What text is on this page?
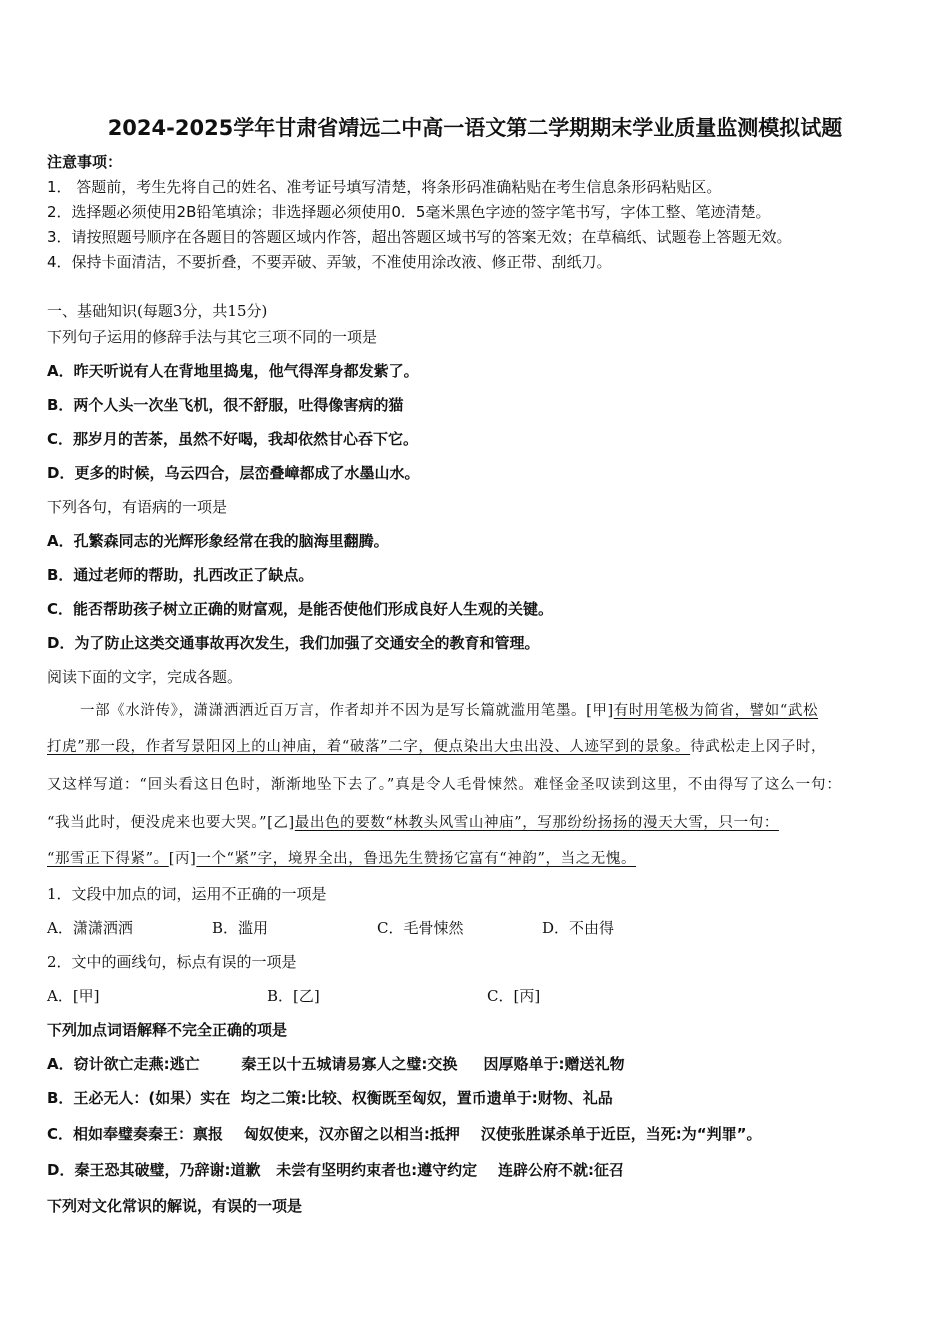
2024-2025学年甘肃省靖远二中高一语文第二学期期末学业质量监测模拟试题
注意事项：
1． 答题前，考生先将自己的姓名、准考证号填写清楚，将条形码准确粘贴在考生信息条形码粘贴区。
2．选择题必须使用2B铅笔填涂；非选择题必须使用0．5毫米黑色字迹的签字笔书写，字体工整、笔迹清楚。
3．请按照题号顺序在各题目的答题区域内作答，超出答题区域书写的答案无效；在草稿纸、试题卷上答题无效。
4．保持卡面清洁，不要折叠，不要弄破、弄皱，不准使用涂改液、修正带、刮纸刀。
一、基础知识(每题3分，共15分)
下列句子运用的修辞手法与其它三项不同的一项是
A．昨天听说有人在背地里捣鬼，他气得浑身都发紫了。
B．两个人头一次坐飞机，很不舒服，吐得像害病的猫
C．那岁月的苦茶，虽然不好喝，我却依然甘心吞下它。
D．更多的时候，乌云四合，层峦叠嶂都成了水墨山水。
下列各句，有语病的一项是
A．孔繁森同志的光辉形象经常在我的脑海里翻腾。
B．通过老师的帮助，扎西改正了缺点。
C．能否帮助孩子树立正确的财富观，是能否使他们形成良好人生观的关键。
D．为了防止这类交通事故再次发生，我们加强了交通安全的教育和管理。
阅读下面的文字，完成各题。
一部《水浒传》，潇潇洒洒近百万言，作者却并不因为是写长篇就滥用笔墨。[甲]有时用笔极为简省，譬如“武松
打虎”那一段，作者写景阳冈上的山神庙，着“破落”二字，便点染出大虫出没、人迹罕到的景象。待武松走上冈子时，
又这样写道：“回头看这日色时，渐渐地坠下去了。”真是令人毛骨悚然。难怪金圣叹读到这里，不由得写了这么一句：
“我当此时，便没虎来也要大哭。”[乙]最出色的要数“林教头风雪山神庙”，写那纷纷扬扬的漫天大雪，只一句：
“那雪正下得紧”。[丙]一个“紧”字，境界全出，鲁迅先生赞扬它富有“神韵”，当之无愧。
1．文段中加点的词，运用不正确的一项是
A．潇潇洒洒	B．滥用	C．毛骨悚然	D．不由得
2．文中的画线句，标点有误的一项是
A．[甲]	B．[乙]	C．[丙]
下列加点词语解释不完全正确的项是
A．窃计欲亡走燕:逃亡        秦王以十五城请易寡人之璧:交换     因厚赂单于:赠送礼物
B．王必无人：(如果）实在  均之二策:比较、权衡既至匈奴，置币遗单于:财物、礼品
C．相如奉璧奏秦王：禀报    匈奴使来，汉亦留之以相当:抵押    汉使张胜谋杀单于近臣，当死:为“判罪”。
D．秦王恐其破璧，乃辞谢:道歉   未尝有坚明约束者也:遵守约定    连辟公府不就:征召
下列对文化常识的解说，有误的一项是
